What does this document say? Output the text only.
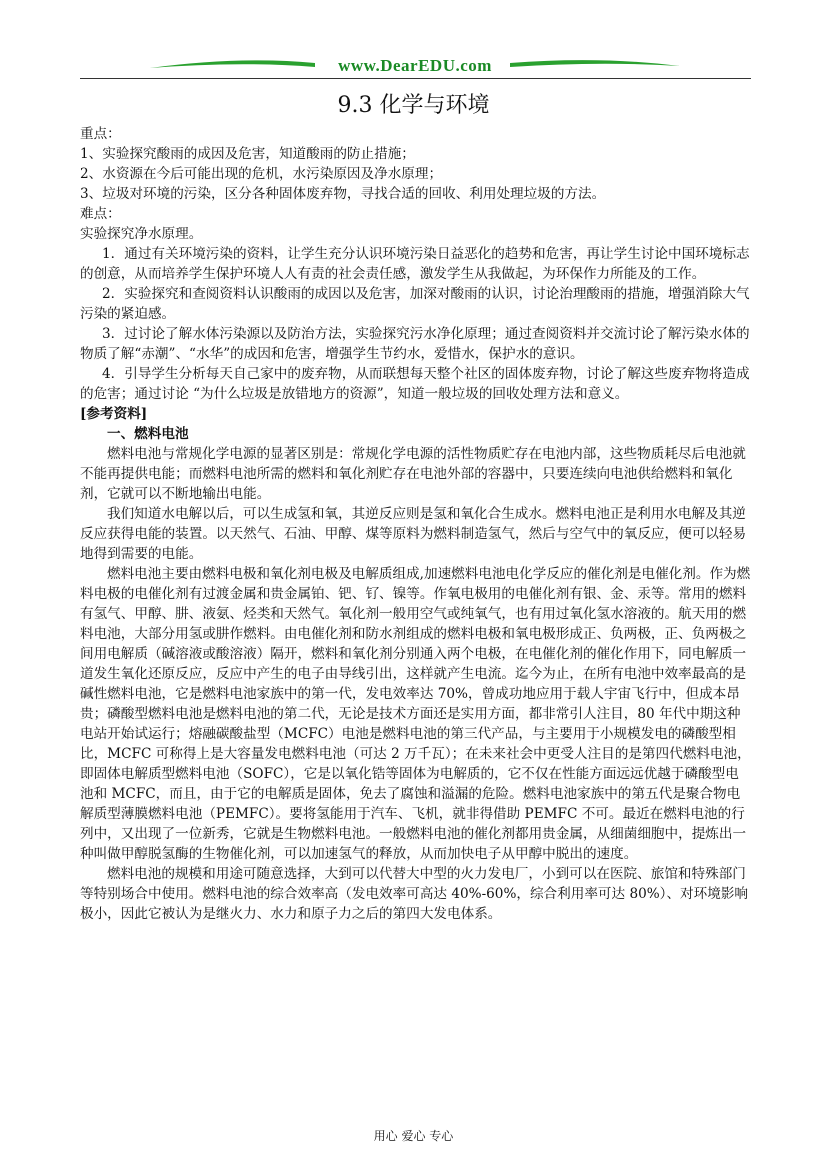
www.DearEDU.com
9.3 化学与环境

重点：

1、实验探究酸雨的成因及危害，知道酸雨的防止措施；

2、水资源在今后可能出现的危机，水污染原因及净水原理；

3、垃圾对环境的污染，区分各种固体废弃物，寻找合适的回收、利用处理垃圾的方法。

难点：

实验探究净水原理。

1．通过有关环境污染的资料，让学生充分认识环境污染日益恶化的趋势和危害，再让学生讨论中国环境标志的创意，从而培养学生保护环境人人有责的社会责任感，激发学生从我做起，为环保作力所能及的工作。

2．实验探究和查阅资料认识酸雨的成因以及危害，加深对酸雨的认识，讨论治理酸雨的措施，增强消除大气污染的紧迫感。

3．过讨论了解水体污染源以及防治方法，实验探究污水净化原理；通过查阅资料并交流讨论了解污染水体的物质了解“赤潮”、“水华”的成因和危害，增强学生节约水，爱惜水，保护水的意识。

4．引导学生分析每天自己家中的废弃物，从而联想每天整个社区的固体废弃物，讨论了解这些废弃物将造成的危害；通过讨论 “为什么垃圾是放错地方的资源”，知道一般垃圾的回收处理方法和意义。

[参考资料]

一、燃料电池

燃料电池与常规化学电源的显著区别是：常规化学电源的活性物质贮存在电池内部，这些物质耗尽后电池就不能再提供电能；而燃料电池所需的燃料和氧化剂贮存在电池外部的容器中，只要连续向电池供给燃料和氧化剂，它就可以不断地输出电能。

我们知道水电解以后，可以生成氢和氧，其逆反应则是氢和氧化合生成水。燃料电池正是利用水电解及其逆反应获得电能的装置。以天然气、石油、甲醇、煤等原料为燃料制造氢气，然后与空气中的氧反应，便可以轻易地得到需要的电能。

燃料电池主要由燃料电极和氧化剂电极及电解质组成,加速燃料电池电化学反应的催化剂是电催化剂。作为燃料电极的电催化剂有过渡金属和贵金属铂、钯、钌、镍等。作氧电极用的电催化剂有银、金、汞等。常用的燃料有氢气、甲醇、肼、液氨、烃类和天然气。氧化剂一般用空气或纯氧气，也有用过氧化氢水溶液的。航天用的燃料电池，大部分用氢或肼作燃料。由电催化剂和防水剂组成的燃料电极和氧电极形成正、负两极，正、负两极之间用电解质（碱溶液或酸溶液）隔开，燃料和氧化剂分别通入两个电极，在电催化剂的催化作用下，同电解质一道发生氧化还原反应，反应中产生的电子由导线引出，这样就产生电流。迄今为止，在所有电池中效率最高的是碱性燃料电池，它是燃料电池家族中的第一代，发电效率达 70%，曾成功地应用于载人宇宙飞行中，但成本昂贵；磷酸型燃料电池是燃料电池的第二代，无论是技术方面还是实用方面，都非常引人注目，80 年代中期这种电站开始试运行；熔融碳酸盐型（MCFC）电池是燃料电池的第三代产品，与主要用于小规模发电的磷酸型相比，MCFC 可称得上是大容量发电燃料电池（可达 2 万千瓦）；在未来社会中更受人注目的是第四代燃料电池，即固体电解质型燃料电池（SOFC），它是以氧化锆等固体为电解质的，它不仅在性能方面远远优越于磷酸型电池和 MCFC，而且，由于它的电解质是固体，免去了腐蚀和溢漏的危险。燃料电池家族中的第五代是聚合物电解质型薄膜燃料电池（PEMFC）。要将氢能用于汽车、飞机，就非得借助 PEMFC 不可。最近在燃料电池的行列中，又出现了一位新秀，它就是生物燃料电池。一般燃料电池的催化剂都用贵金属，从细菌细胞中，提炼出一种叫做甲醇脱氢酶的生物催化剂，可以加速氢气的释放，从而加快电子从甲醇中脱出的速度。

燃料电池的规模和用途可随意选择，大到可以代替大中型的火力发电厂，小到可以在医院、旅馆和特殊部门等特别场合中使用。燃料电池的综合效率高（发电效率可高达 40%-60%，综合利用率可达 80%）、对环境影响极小，因此它被认为是继火力、水力和原子力之后的第四大发电体系。

用心 爱心 专心
